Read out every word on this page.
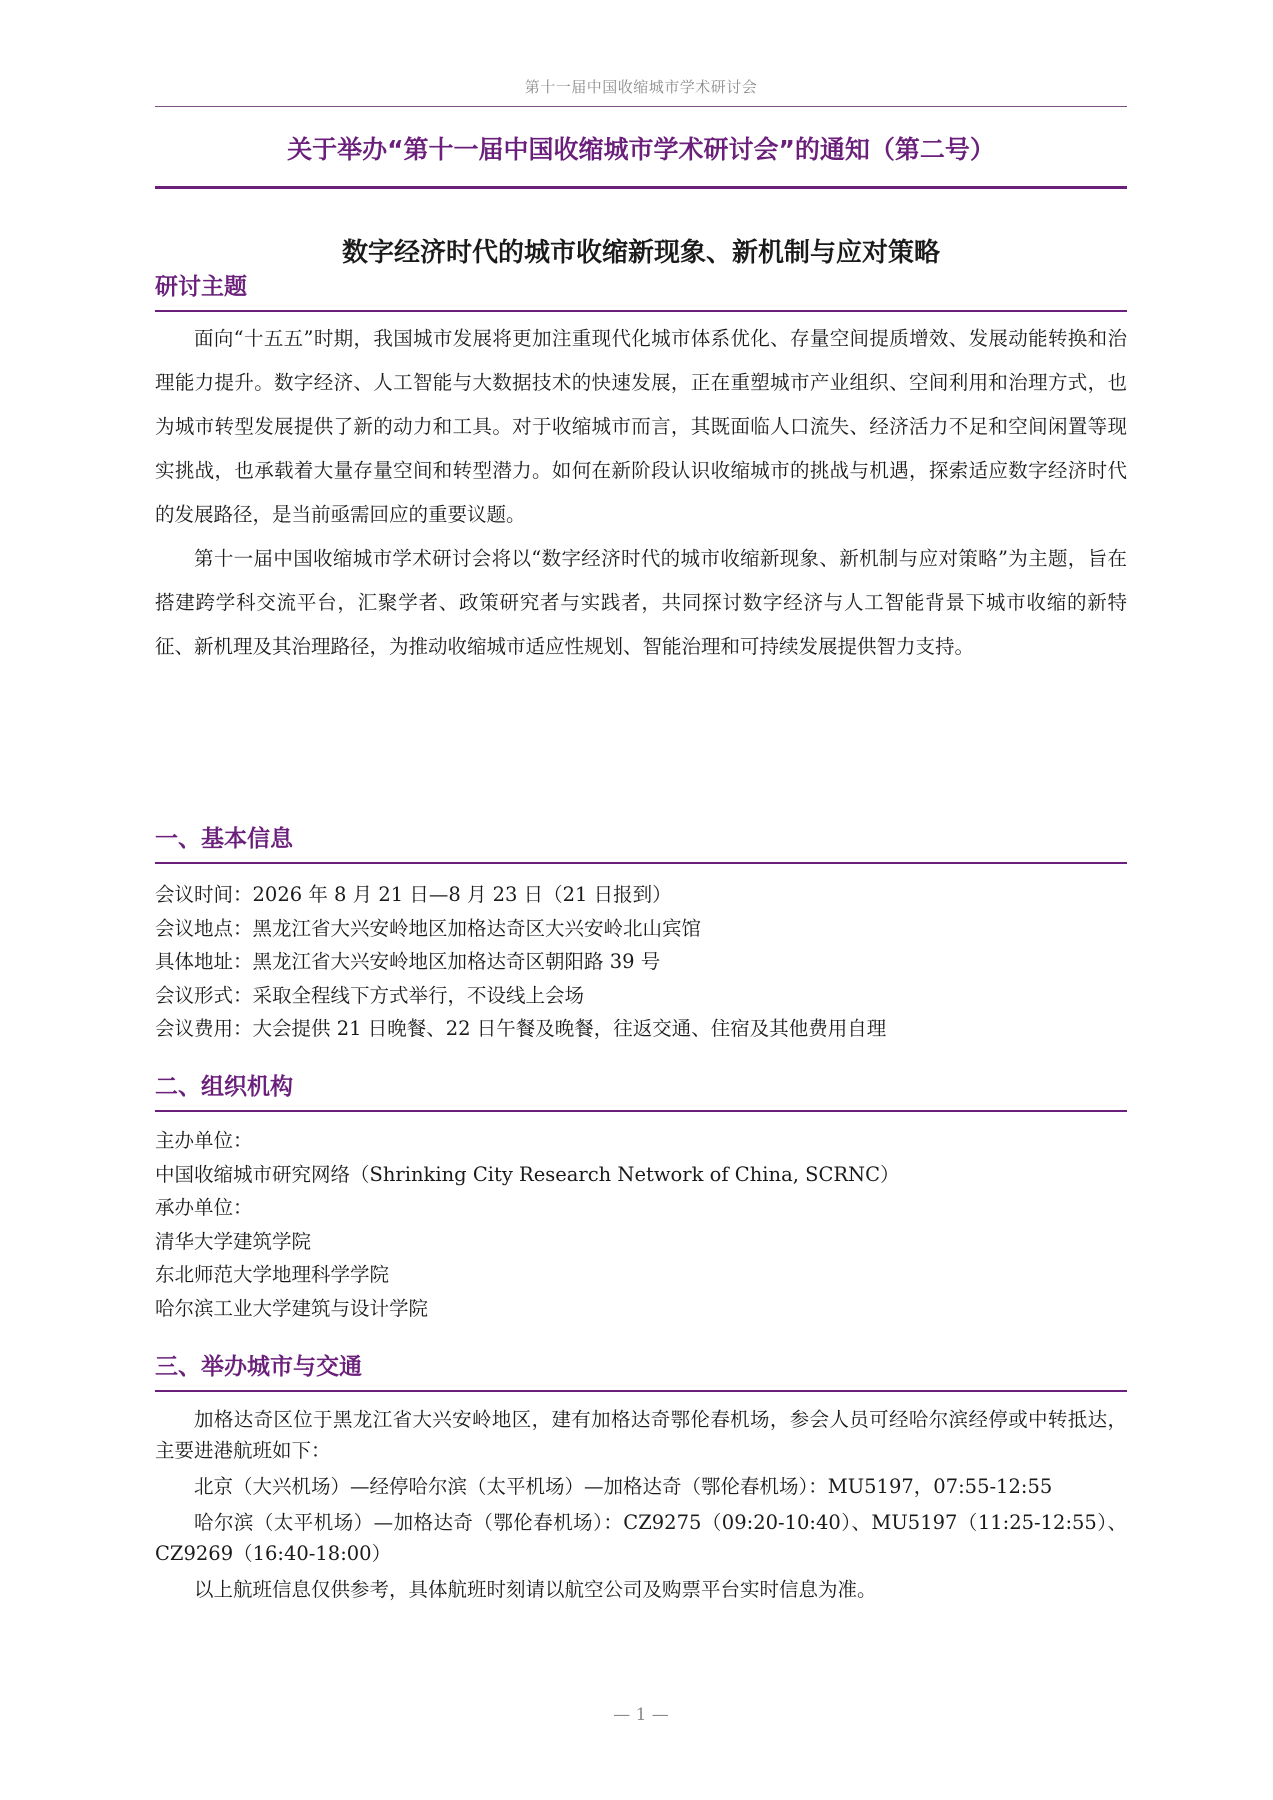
第十一届中国收缩城市学术研讨会
关于举办“第十一届中国收缩城市学术研讨会”的通知（第二号）
数字经济时代的城市收缩新现象、新机制与应对策略
研讨主题

面向“十五五”时期，我国城市发展将更加注重现代化城市体系优化、存量空间提质增效、发展动能转换和治理能力提升。数字经济、人工智能与大数据技术的快速发展，正在重塑城市产业组织、空间利用和治理方式，也为城市转型发展提供了新的动力和工具。对于收缩城市而言，其既面临人口流失、经济活力不足和空间闲置等现实挑战，也承载着大量存量空间和转型潜力。如何在新阶段认识收缩城市的挑战与机遇，探索适应数字经济时代的发展路径，是当前亟需回应的重要议题。

第十一届中国收缩城市学术研讨会将以“数字经济时代的城市收缩新现象、新机制与应对策略”为主题，旨在搭建跨学科交流平台，汇聚学者、政策研究者与实践者，共同探讨数字经济与人工智能背景下城市收缩的新特征、新机理及其治理路径，为推动收缩城市适应性规划、智能治理和可持续发展提供智力支持。

一、基本信息

会议时间：2026 年 8 月 21 日—8 月 23 日（21 日报到）

会议地点：黑龙江省大兴安岭地区加格达奇区大兴安岭北山宾馆

具体地址：黑龙江省大兴安岭地区加格达奇区朝阳路 39 号

会议形式：采取全程线下方式举行，不设线上会场

会议费用：大会提供 21 日晚餐、22 日午餐及晚餐，往返交通、住宿及其他费用自理

二、组织机构

主办单位：

中国收缩城市研究网络（Shrinking City Research Network of China, SCRNC）

承办单位：

清华大学建筑学院

东北师范大学地理科学学院

哈尔滨工业大学建筑与设计学院

三、举办城市与交通

加格达奇区位于黑龙江省大兴安岭地区，建有加格达奇鄂伦春机场，参会人员可经哈尔滨经停或中转抵达，主要进港航班如下：

北京（大兴机场）—经停哈尔滨（太平机场）—加格达奇（鄂伦春机场）：MU5197，07:55-12:55

哈尔滨（太平机场）—加格达奇（鄂伦春机场）：CZ9275（09:20-10:40）、MU5197（11:25-12:55）、CZ9269（16:40-18:00）

以上航班信息仅供参考，具体航班时刻请以航空公司及购票平台实时信息为准。

— 1 —
